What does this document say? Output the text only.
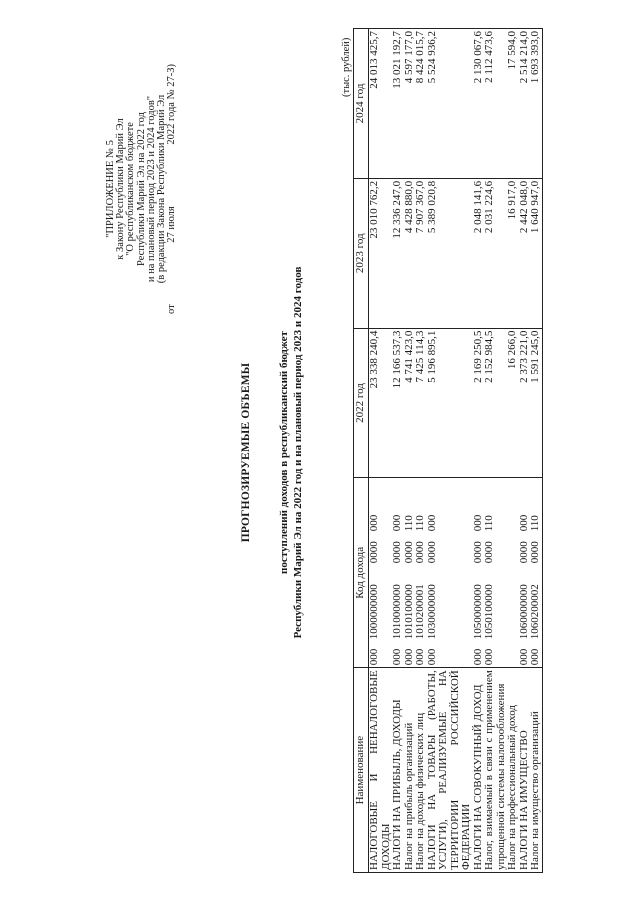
"ПРИЛОЖЕНИЕ № 5 к Закону Республики Марий Эл "О республиканском бюджете Республики Марий Эл на 2022 год и на плановый период 2023 и 2024 годов" (в редакции Закона Республики Марий Эл
от
27 июля
2022 года № 27-З)
ПРОГНОЗИРУЕМЫЕ ОБЪЕМЫ поступлений доходов в республиканский бюджет Республики Марий Эл на 2022 год и на плановый период 2023 и 2024 годов
(тыс. рублей)
Наименование	Код дохода	2022 год	2023 год	2024 год

НАЛОГОВЫЕ И НЕНАЛОГОВЫЕ ДОХОДЫ	00010000000000000000	23 338 240,4	23 010 762,2	24 013 425,7

НАЛОГИ НА ПРИБЫЛЬ, ДОХОДЫ	00010100000000000000	12 166 537,3	12 336 247,0	13 021 192,7

Налог на прибыль организаций	00010101000000000110	4 741 423,0	4 428 880,0	4 597 177,0

Налог на доходы физических лиц	00010102000010000110	7 425 114,3	7 907 367,0	8 424 015,7

НАЛОГИ НА ТОВАРЫ (РАБОТЫ, УСЛУГИ), РЕАЛИЗУЕМЫЕ НА ТЕРРИТОРИИ РОССИЙСКОЙ ФЕДЕРАЦИИ	00010300000000000000	5 196 895,1	5 389 020,8	5 524 936,2

НАЛОГИ НА СОВОКУПНЫЙ ДОХОД	00010500000000000000	2 169 250,5	2 048 141,6	2 130 067,6

Налог, взимаемый в связи с применением упрощенной системы налогообложения	00010501000000000110	2 152 984,5	2 031 224,6	2 112 473,6

Налог на профессиональный доход		16 266,0	16 917,0	17 594,0

НАЛОГИ НА ИМУЩЕСТВО	00010600000000000000	2 373 221,0	2 442 048,0	2 514 214,0

Налог на имущество организаций	00010602000020000110	1 591 245,0	1 640 947,0	1 693 393,0
